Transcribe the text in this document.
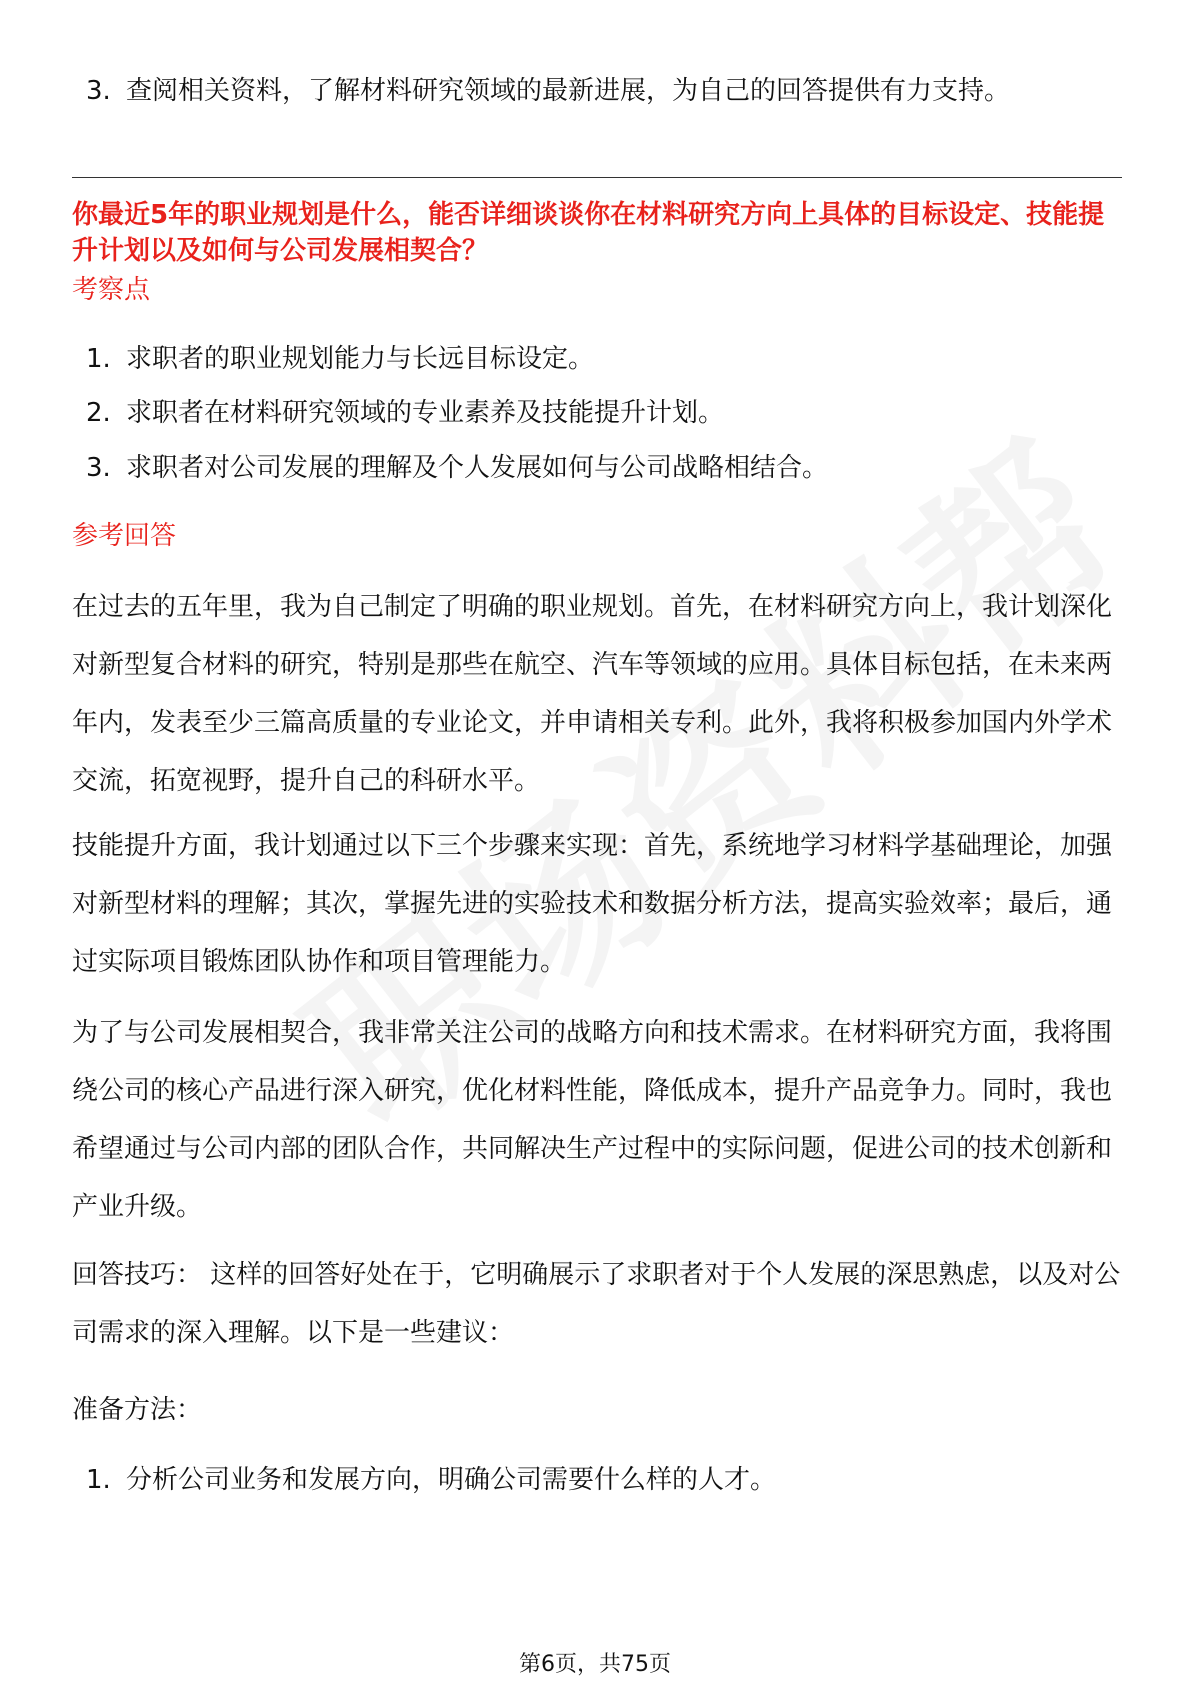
3. 查阅相关资料，了解材料研究领域的最新进展，为自己的回答提供有力支持。
你最近5年的职业规划是什么，能否详细谈谈你在材料研究方向上具体的目标设定、技能提升计划以及如何与公司发展相契合？
考察点
1. 求职者的职业规划能力与长远目标设定。
2. 求职者在材料研究领域的专业素养及技能提升计划。
3. 求职者对公司发展的理解及个人发展如何与公司战略相结合。
参考回答
在过去的五年里，我为自己制定了明确的职业规划。首先，在材料研究方向上，我计划深化对新型复合材料的研究，特别是那些在航空、汽车等领域的应用。具体目标包括，在未来两年内，发表至少三篇高质量的专业论文，并申请相关专利。此外，我将积极参加国内外学术交流，拓宽视野，提升自己的科研水平。
技能提升方面，我计划通过以下三个步骤来实现：首先，系统地学习材料学基础理论，加强对新型材料的理解；其次，掌握先进的实验技术和数据分析方法，提高实验效率；最后，通过实际项目锻炼团队协作和项目管理能力。
为了与公司发展相契合，我非常关注公司的战略方向和技术需求。在材料研究方面，我将围绕公司的核心产品进行深入研究，优化材料性能，降低成本，提升产品竞争力。同时，我也希望通过与公司内部的团队合作，共同解决生产过程中的实际问题，促进公司的技术创新和产业升级。
回答技巧： 这样的回答好处在于，它明确展示了求职者对于个人发展的深思熟虑，以及对公司需求的深入理解。以下是一些建议：
准备方法：
1. 分析公司业务和发展方向，明确公司需要什么样的人才。
第6页，共75页
